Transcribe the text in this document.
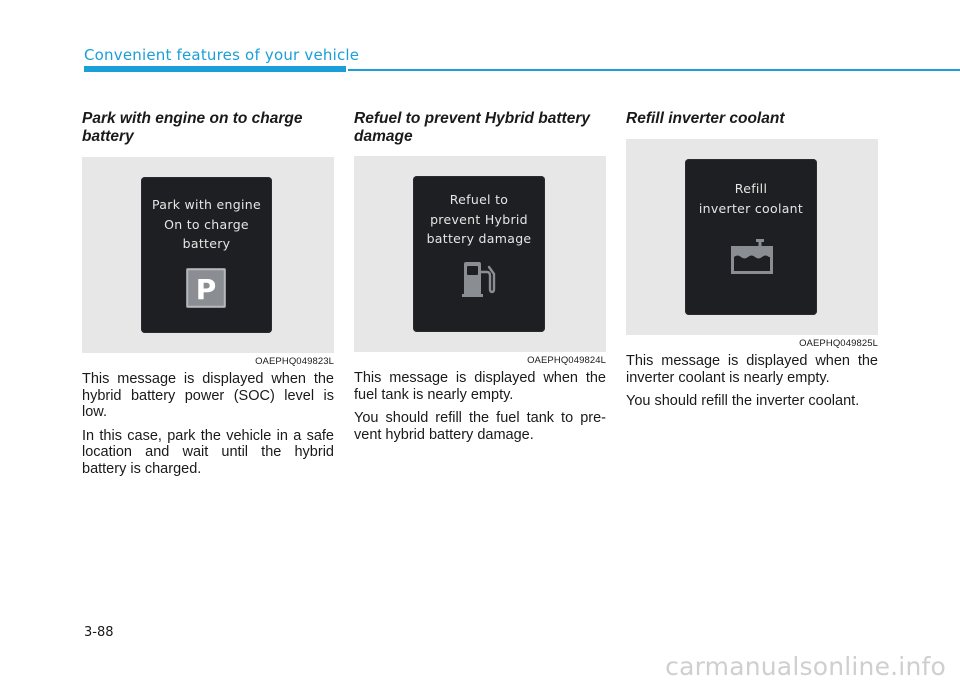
Convenient features of your vehicle
Park with engine on to charge battery
Park with engine
On to charge
battery
P
OAEPHQ049823L

This message is displayed when the hybrid battery power (SOC) level is low.

In this case, park the vehicle in a safe location and wait until the hybrid battery is charged.

Refuel to prevent Hybrid battery damage
Refuel to
prevent Hybrid
battery damage
OAEPHQ049824L

This message is displayed when the fuel tank is nearly empty.

You should refill the fuel tank to pre-vent hybrid battery damage.

Refill inverter coolant
Refill
inverter coolant
OAEPHQ049825L

This message is displayed when the inverter coolant is nearly empty.

You should refill the inverter coolant.

3-88
carmanualsonline.info
